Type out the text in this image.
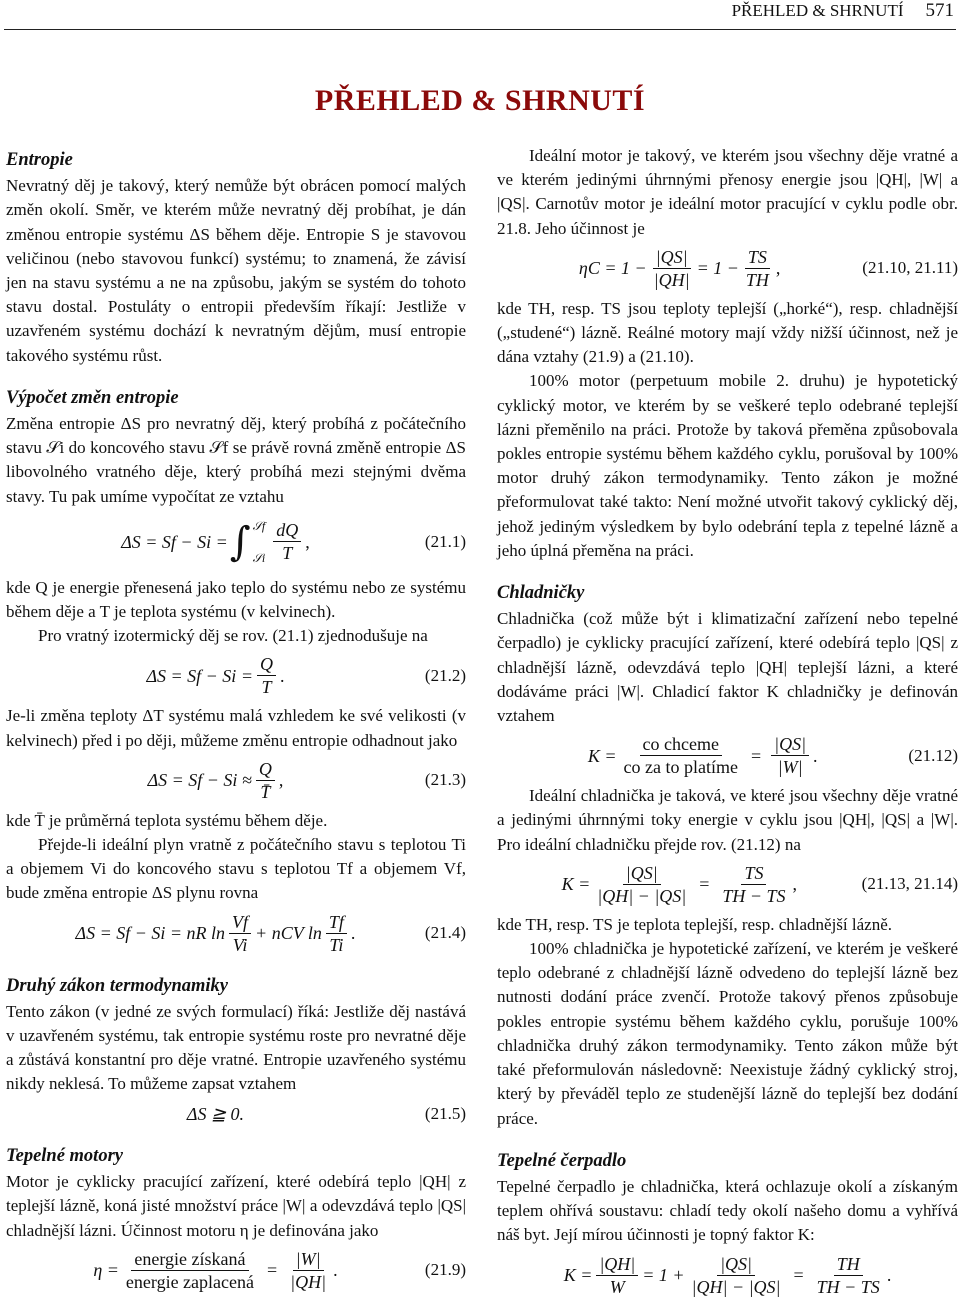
PŘEHLED & SHRNUTÍ 571
PŘEHLED & SHRNUTÍ
Entropie

Nevratný děj je takový, který nemůže být obrácen pomocí malých změn okolí. Směr, ve kterém může nevratný děj probíhat, je dán změnou entropie systému ΔS během děje. Entropie S je stavovou veličinou (nebo stavovou funkcí) systému; to znamená, že závisí jen na stavu systému a ne na způsobu, jakým se systém do tohoto stavu dostal. Postuláty o entropii především říkají: Jestliže v uzavřeném systému dochází k nevratným dějům, musí entropie takového systému růst.

Výpočet změn entropie

Změna entropie ΔS pro nevratný děj, který probíhá z počátečního stavu 𝒮i do koncového stavu 𝒮f se právě rovná změně entropie ΔS libovolného vratného děje, který probíhá mezi stejnými dvěma stavy. Tu pak umíme vypočítat ze vztahu

ΔS = Sf − Si = ∫ 𝒮f
𝒮i $\frac{dQ}{T}$ ,	(21.1)

kde Q je energie přenesená jako teplo do systému nebo ze systému během děje a T je teplota systému (v kelvinech).

Pro vratný izotermický děj se rov. (21.1) zjednodušuje na

$\Delta S = Sf - Si = \frac{Q}{T}$ .	(21.2)

Je-li změna teploty ΔT systému malá vzhledem ke své velikosti (v kelvinech) před i po ději, můžeme změnu entropie odhadnout jako

$\Delta S = Sf - Si \approx \frac{Q}{T̄}$ ,	(21.3)

kde T̄ je průměrná teplota systému během děje.

Přejde-li ideální plyn vratně z počátečního stavu s teplotou Ti a objemem Vi do koncového stavu s teplotou Tf a objemem Vf, bude změna entropie ΔS plynu rovna

ΔS = Sf − Si = nR $\ln \frac{Vf}{Vi}$ + nCV $\ln \frac{Tf}{Ti}$ .	(21.4)
Druhý zákon termodynamiky

Tento zákon (v jedné ze svých formulací) říká: Jestliže děj nastává v uzavřeném systému, tak entropie systému roste pro nevratné děje a zůstává konstantní pro děje vratné. Entropie uzavřeného systému nikdy neklesá. To můžeme zapsat vztahem

ΔS ≧ 0.	(21.5)
Tepelné motory

Motor je cyklicky pracující zařízení, které odebírá teplo |QH| z teplejší lázně, koná jisté množství práce |W| a odevzdává teplo |QS| chladnější lázni. Účinnost motoru η je definována jako

$\eta = \frac{\text{energie získaná}}{\text{energie zaplacená}} = \frac{|W|}{|QH|}$ .	(21.9)

Ideální motor je takový, ve kterém jsou všechny děje vratné a ve kterém jedinými úhrnnými přenosy energie jsou |QH|, |W| a |QS|. Carnotův motor je ideální motor pracující v cyklu podle obr. 21.8. Jeho účinnost je

$\eta C = 1 - \frac{|QS|}{|QH|} = 1 - \frac{TS}{TH}$ ,	(21.10, 21.11)

kde TH, resp. TS jsou teploty teplejší („horké“), resp. chladnější („studené“) lázně. Reálné motory mají vždy nižší účinnost, než je dána vztahy (21.9) a (21.10).

100% motor (perpetuum mobile 2. druhu) je hypotetický cyklický motor, ve kterém by se veškeré teplo odebrané teplejší lázni přeměnilo na práci. Protože by taková přeměna způsobovala pokles entropie systému během každého cyklu, porušoval by 100% motor druhý zákon termodynamiky. Tento zákon je možné přeformulovat také takto: Není možné utvořit takový cyklický děj, jehož jediným výsledkem by bylo odebrání tepla z tepelné lázně a jeho úplná přeměna na práci.

Chladničky

Chladnička (což může být i klimatizační zařízení nebo tepelné čerpadlo) je cyklicky pracující zařízení, které odebírá teplo |QS| z chladnější lázně, odevzdává teplo |QH| teplejší lázni, a které dodáváme práci |W|. Chladicí faktor K chladničky je definován vztahem

$K = \frac{\text{co chceme}}{\text{co za to platíme}} = \frac{|QS|}{|W|}$ .	(21.12)

Ideální chladnička je taková, ve které jsou všechny děje vratné a jedinými úhrnnými toky energie v cyklu jsou |QH|, |QS| a |W|. Pro ideální chladničku přejde rov. (21.12) na

$K = \frac{|QS|}{|QH| - |QS|} = \frac{TS}{TH - TS}$ ,	(21.13, 21.14)

kde TH, resp. TS je teplota teplejší, resp. chladnější lázně.

100% chladnička je hypotetické zařízení, ve kterém je veškeré teplo odebrané z chladnější lázně odvedeno do teplejší lázně bez nutnosti dodání práce zvenčí. Protože takový přenos způsobuje pokles entropie systému během každého cyklu, porušuje 100% chladnička druhý zákon termodynamiky. Tento zákon může být také přeformulován následovně: Neexistuje žádný cyklický stroj, který by převáděl teplo ze studenější lázně do teplejší bez dodání práce.

Tepelné čerpadlo

Tepelné čerpadlo je chladnička, která ochlazuje okolí a získaným teplem ohřívá soustavu: chladí tedy okolí našeho domu a vyhřívá náš byt. Její mírou účinnosti je topný faktor K:

$K = \frac{|QH|}{W} = 1 + \frac{|QS|}{|QH| - |QS|} = \frac{TH}{TH - TS}$ .
